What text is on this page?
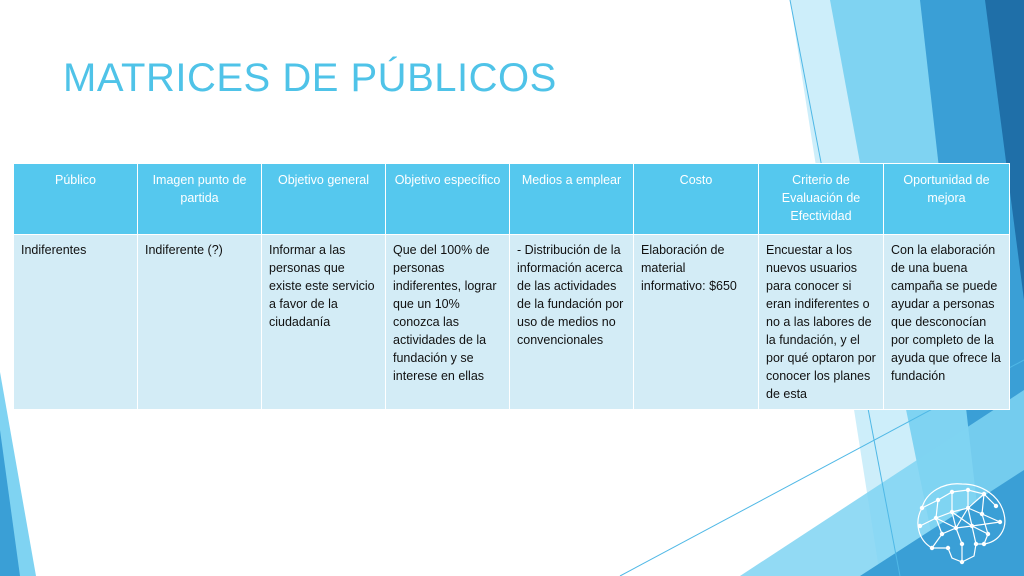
MATRICES DE PÚBLICOS
Público	Imagen punto de partida	Objetivo general	Objetivo específico	Medios a emplear	Costo	Criterio de Evaluación de Efectividad	Oportunidad de mejora
Indiferentes	Indiferente (?)	Informar a las personas que existe este servicio a favor de la ciudadanía	Que del 100% de personas indiferentes, lograr que un 10% conozca las actividades de la fundación y se interese en ellas	- Distribución de la información acerca de las actividades de la fundación por uso de medios no convencionales	Elaboración de material informativo: $650	Encuestar a los nuevos usuarios para conocer si eran indiferentes o no a las labores de la fundación, y el por qué optaron por conocer los planes de esta	Con la elaboración de una buena campaña se puede ayudar a personas que desconocían por completo de la ayuda que ofrece la fundación
